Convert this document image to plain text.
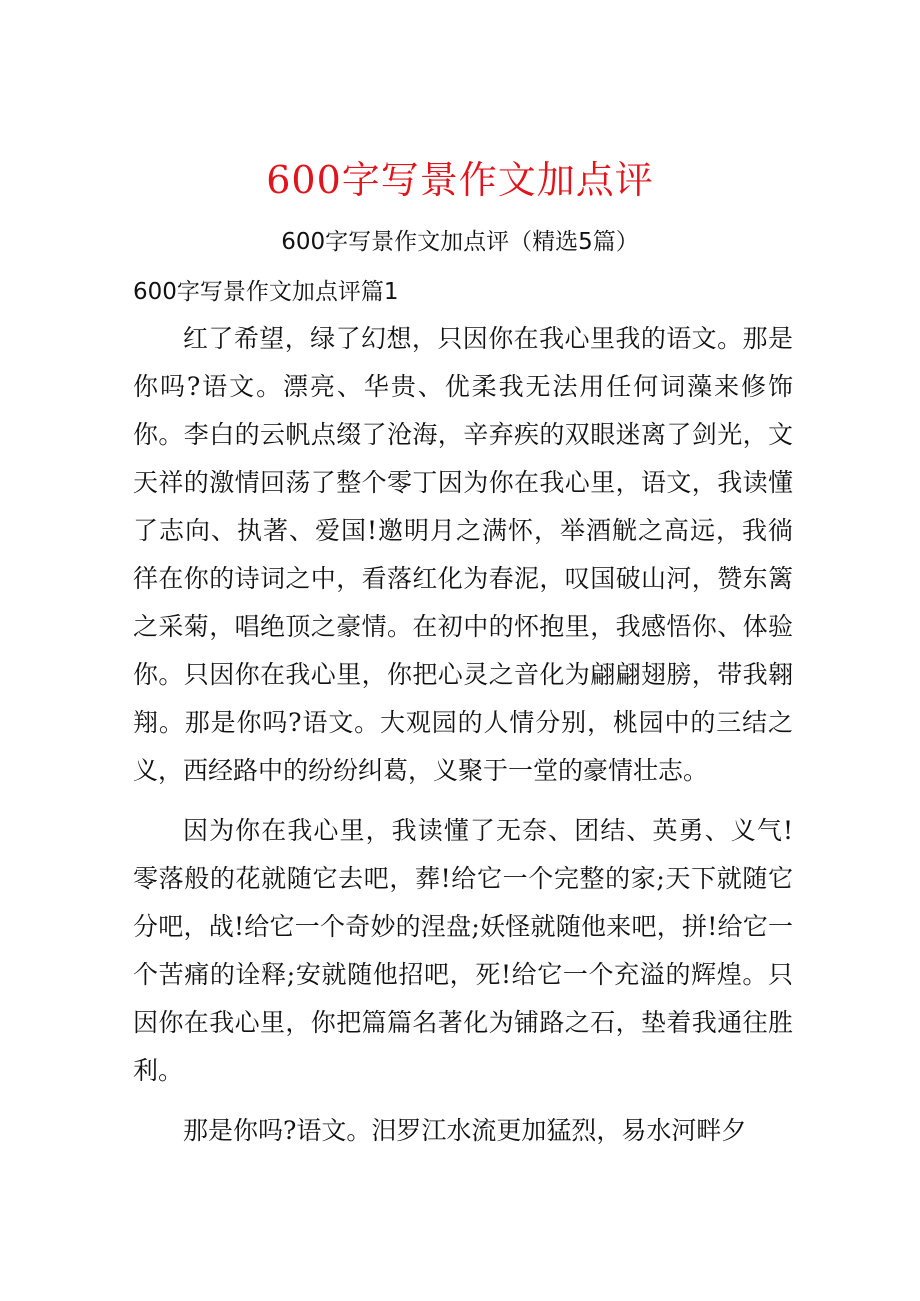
600字写景作文加点评
600字写景作文加点评（精选5篇）
600字写景作文加点评篇1

红了希望，绿了幻想，只因你在我心里我的语文。那是你吗?语文。漂亮、华贵、优柔我无法用任何词藻来修饰你。李白的云帆点缀了沧海，辛弃疾的双眼迷离了剑光，文天祥的激情回荡了整个零丁因为你在我心里，语文，我读懂了志向、执著、爱国!邀明月之满怀，举酒觥之高远，我徜徉在你的诗词之中，看落红化为春泥，叹国破山河，赞东篱之采菊，唱绝顶之豪情。在初中的怀抱里，我感悟你、体验你。只因你在我心里，你把心灵之音化为翩翩翅膀，带我翱翔。那是你吗?语文。大观园的人情分别，桃园中的三结之义，西经路中的纷纷纠葛，义聚于一堂的豪情壮志。

因为你在我心里，我读懂了无奈、团结、英勇、义气!零落般的花就随它去吧，葬!给它一个完整的家;天下就随它分吧，战!给它一个奇妙的涅盘;妖怪就随他来吧，拼!给它一个苦痛的诠释;安就随他招吧，死!给它一个充溢的辉煌。只因你在我心里，你把篇篇名著化为铺路之石，垫着我通往胜利。

那是你吗?语文。汨罗江水流更加猛烈，易水河畔夕
